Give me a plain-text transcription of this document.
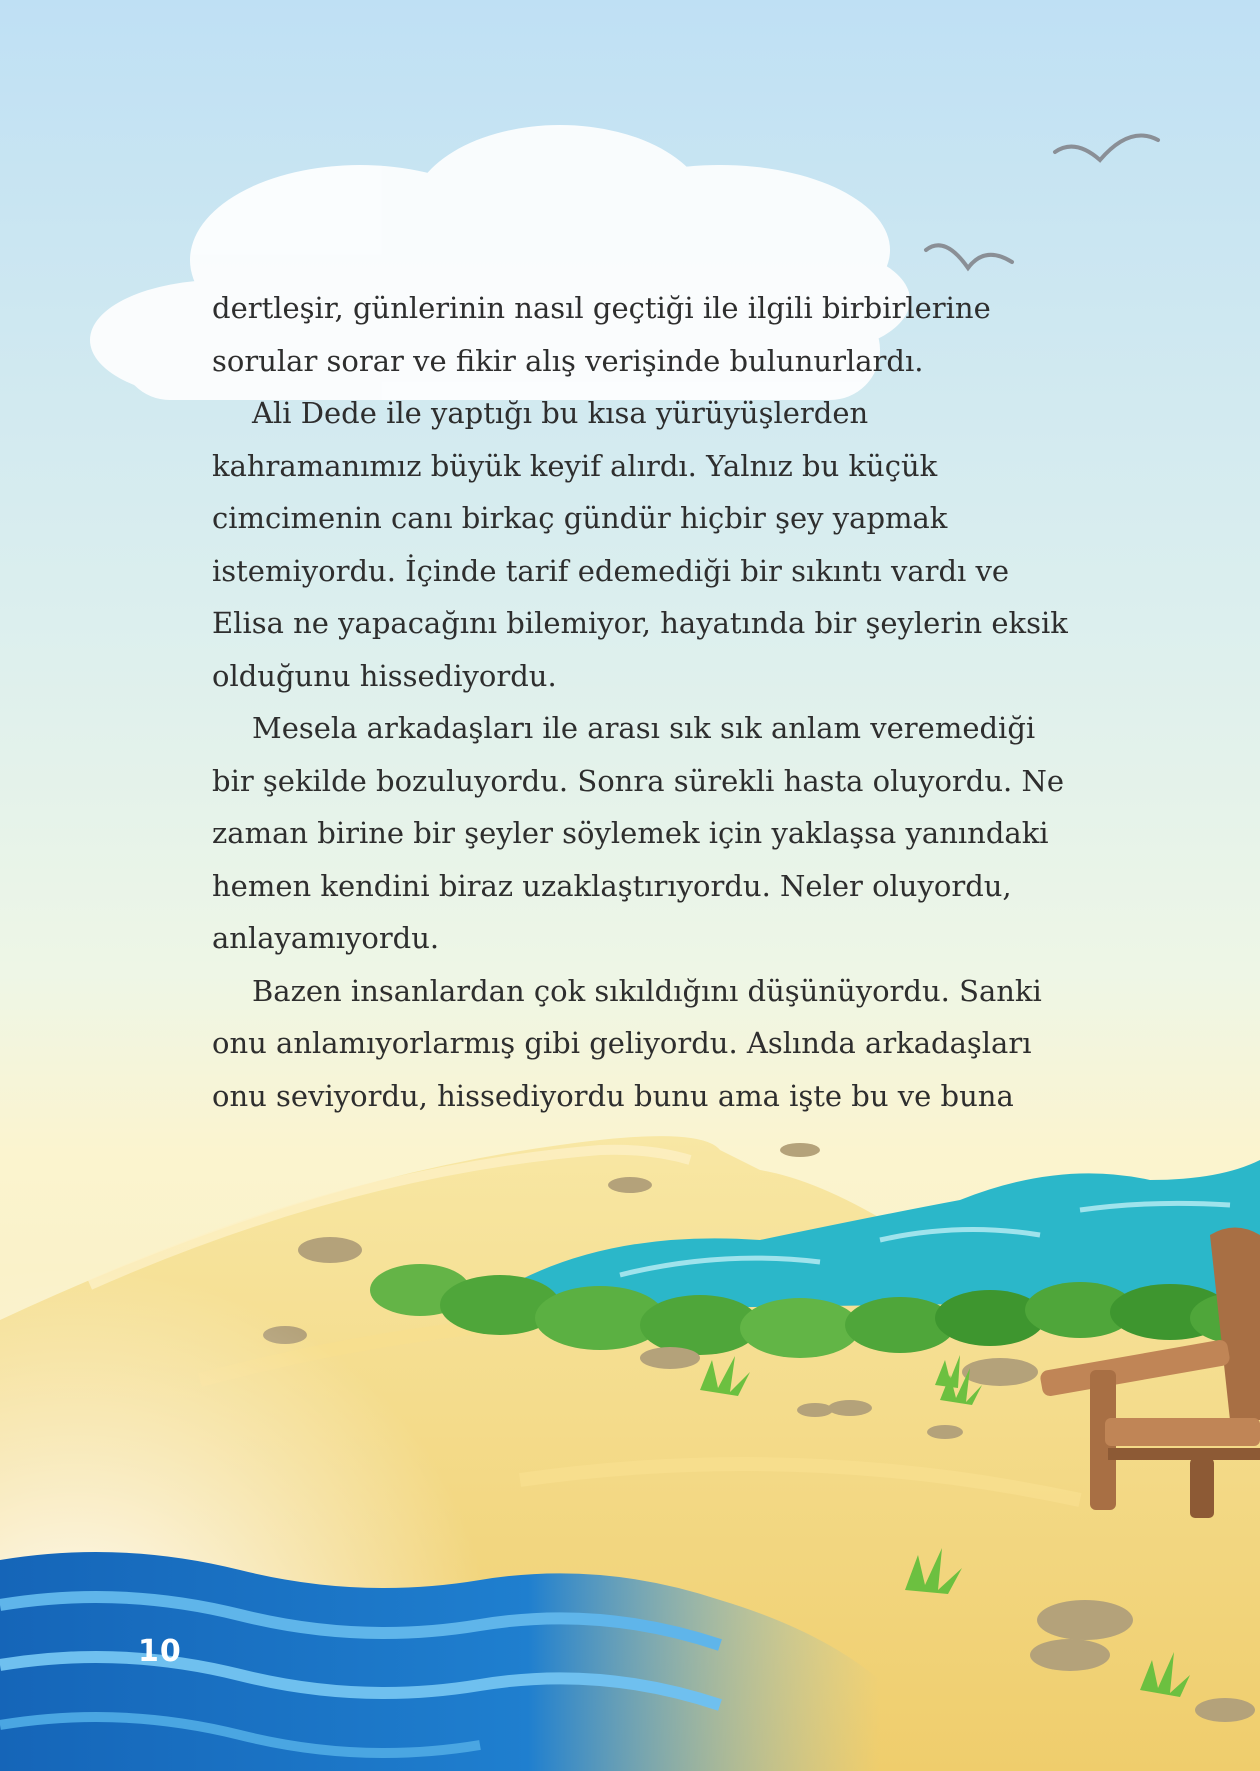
dertleşir, günlerinin nasıl geçtiği ile ilgili birbirlerine sorular sorar ve fikir alış verişinde bulunurlardı.

Ali Dede ile yaptığı bu kısa yürüyüşlerden kahramanımız büyük keyif alırdı. Yalnız bu küçük cimcimenin canı birkaç gündür hiçbir şey yapmak istemiyordu. İçinde tarif edemediği bir sıkıntı vardı ve Elisa ne yapacağını bilemiyor, hayatında bir şeylerin eksik olduğunu hissediyordu.

Mesela arkadaşları ile arası sık sık anlam veremediği bir şekilde bozuluyordu. Sonra sürekli hasta oluyordu. Ne zaman birine bir şeyler söylemek için yaklaşsa yanındaki hemen kendini biraz uzaklaştırıyordu. Neler oluyordu, anlayamıyordu.

Bazen insanlardan çok sıkıldığını düşünüyordu. Sanki onu anlamıyorlarmış gibi geliyordu. Aslında arkadaşları onu seviyordu, hissediyordu bunu ama işte bu ve buna

10
